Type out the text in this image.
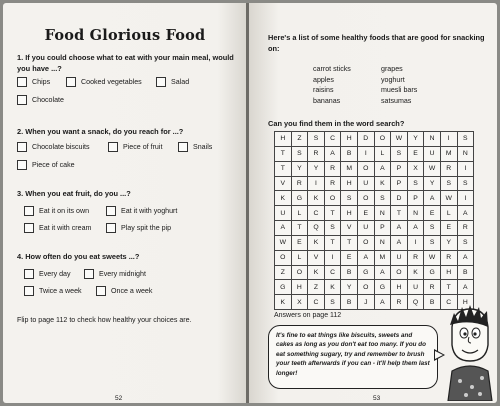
Food Glorious Food
1. If you could choose what to eat with your main meal, would you have ...?
Chips	Cooked vegetables	Salad
Chocolate
2. When you want a snack, do you reach for ...?
Chocolate biscuits	Piece of fruit	Snails
Piece of cake
3. When you eat fruit, do you ...?
Eat it on its own	Eat it with yoghurt
Eat it with cream	Play spit the pip
4. How often do you eat sweets ...?
Every day	Every midnight
Twice a week	Once a week
Flip to page 112 to check how healthy your choices are.
52
Here's a list of some healthy foods that are good for snacking on:
carrot sticks
apples
raisins
bananas
grapes
yoghurt
muesli bars
satsumas
Can you find them in the word search?
H	Z	S	C	H	D	O	W	Y	N	I	S
T	S	R	A	B	I	L	S	E	U	M	N
T	Y	Y	R	M	O	A	P	X	W	R	I
V	R	I	R	H	U	K	P	S	Y	S	S
K	G	K	O	S	O	S	D	P	A	W	I
U	L	C	T	H	E	N	T	N	E	L	A
A	T	Q	S	V	U	P	A	A	S	E	R
W	E	K	T	T	O	N	A	I	S	Y	S
O	L	V	I	E	A	M	U	R	W	R	A
Z	O	K	C	B	G	A	O	K	G	H	B
G	H	Z	K	Y	O	G	H	U	R	T	A
K	X	C	S	B	J	A	R	Q	B	C	H
Answers on page 112
It's fine to eat things like biscuits, sweets and cakes as long as you don't eat too many. If you do eat something sugary, try and remember to brush your teeth afterwards if you can - it'll help them last longer!
53
